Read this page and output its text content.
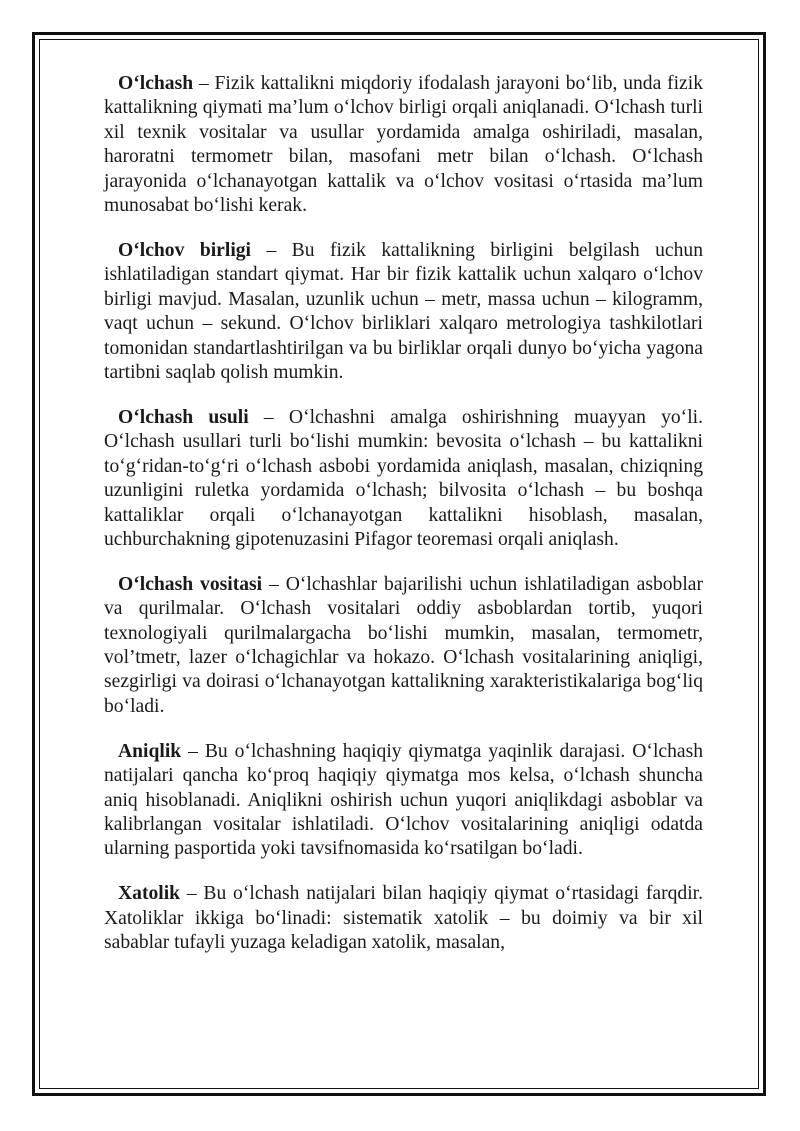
O‘lchash – Fizik kattalikni miqdoriy ifodalash jarayoni bo‘lib, unda fizik kattalikning qiymati ma’lum o‘lchov birligi orqali aniqlanadi. O‘lchash turli xil texnik vositalar va usullar yordamida amalga oshiriladi, masalan, haroratni termometr bilan, masofani metr bilan o‘lchash. O‘lchash jarayonida o‘lchanayotgan kattalik va o‘lchov vositasi o‘rtasida ma’lum munosabat bo‘lishi kerak.

O‘lchov birligi – Bu fizik kattalikning birligini belgilash uchun ishlatiladigan standart qiymat. Har bir fizik kattalik uchun xalqaro o‘lchov birligi mavjud. Masalan, uzunlik uchun – metr, massa uchun – kilogramm, vaqt uchun – sekund. O‘lchov birliklari xalqaro metrologiya tashkilotlari tomonidan standartlashtirilgan va bu birliklar orqali dunyo bo‘yicha yagona tartibni saqlab qolish mumkin.

O‘lchash usuli – O‘lchashni amalga oshirishning muayyan yo‘li. O‘lchash usullari turli bo‘lishi mumkin: bevosita o‘lchash – bu kattalikni to‘g‘ridan-to‘g‘ri o‘lchash asbobi yordamida aniqlash, masalan, chiziqning uzunligini ruletka yordamida o‘lchash; bilvosita o‘lchash – bu boshqa kattaliklar orqali o‘lchanayotgan kattalikni hisoblash, masalan, uchburchakning gipotenuzasini Pifagor teoremasi orqali aniqlash.

O‘lchash vositasi – O‘lchashlar bajarilishi uchun ishlatiladigan asboblar va qurilmalar. O‘lchash vositalari oddiy asboblardan tortib, yuqori texnologiyali qurilmalargacha bo‘lishi mumkin, masalan, termometr, vol’tmetr, lazer o‘lchagichlar va hokazo. O‘lchash vositalarining aniqligi, sezgirligi va doirasi o‘lchanayotgan kattalikning xarakteristikalariga bog‘liq bo‘ladi.

Aniqlik – Bu o‘lchashning haqiqiy qiymatga yaqinlik darajasi. O‘lchash natijalari qancha ko‘proq haqiqiy qiymatga mos kelsa, o‘lchash shuncha aniq hisoblanadi. Aniqlikni oshirish uchun yuqori aniqlikdagi asboblar va kalibrlangan vositalar ishlatiladi. O‘lchov vositalarining aniqligi odatda ularning pasportida yoki tavsifnomasida ko‘rsatilgan bo‘ladi.

Xatolik – Bu o‘lchash natijalari bilan haqiqiy qiymat o‘rtasidagi farqdir. Xatoliklar ikkiga bo‘linadi: sistematik xatolik – bu doimiy va bir xil sabablar tufayli yuzaga keladigan xatolik, masalan,
